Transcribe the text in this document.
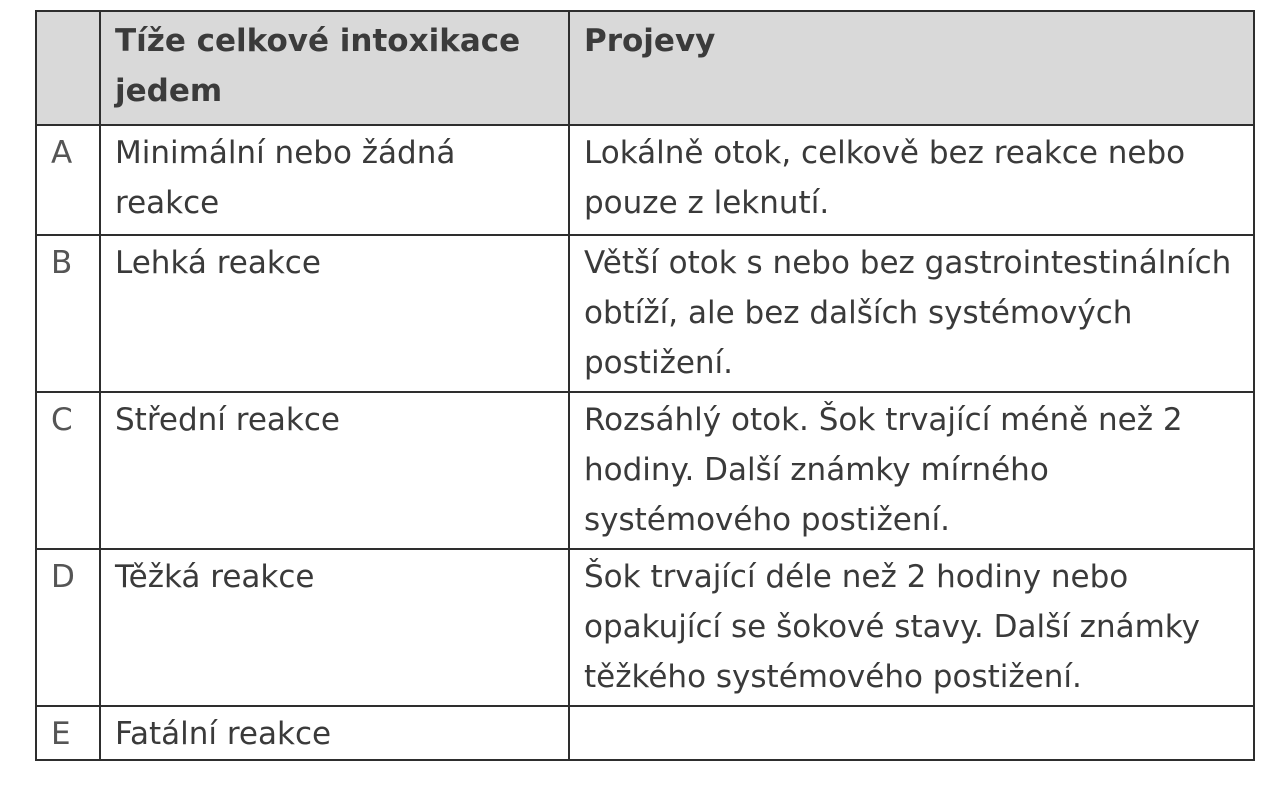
	Tíže celkové intoxikace jedem	Projevy
A	Minimální nebo žádná reakce	Lokálně otok, celkově bez reakce nebo pouze z leknutí.
B	Lehká reakce	Větší otok s nebo bez gastrointestinálních obtíží, ale bez dalších systémových postižení.
C	Střední reakce	Rozsáhlý otok. Šok trvající méně než 2 hodiny. Další známky mírného systémového postižení.
D	Těžká reakce	Šok trvající déle než 2 hodiny nebo opakující se šokové stavy. Další známky těžkého systémového postižení.
E	Fatální reakce	
